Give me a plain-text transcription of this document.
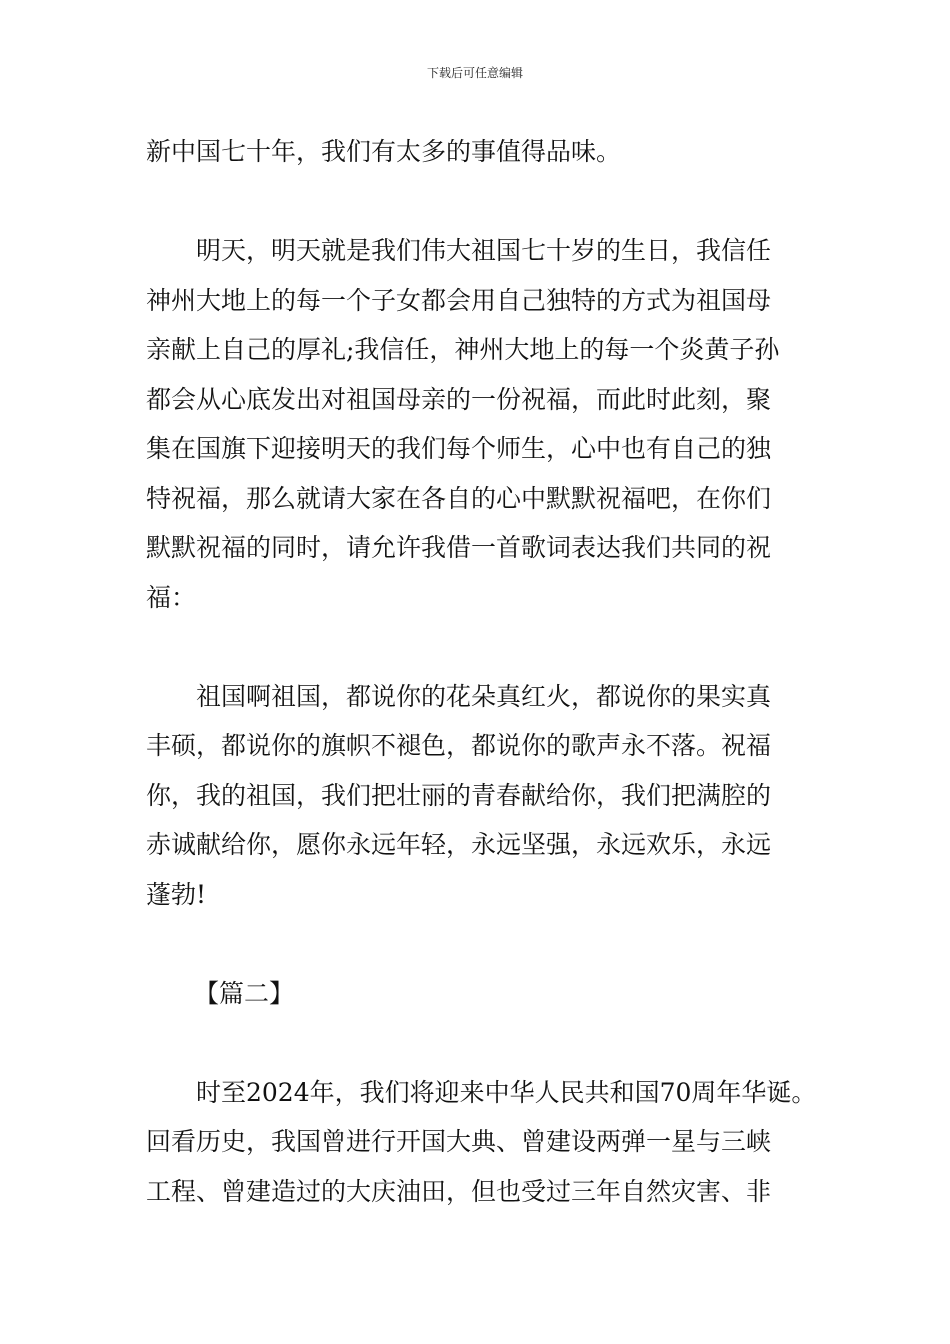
下载后可任意编辑
新中国七十年，我们有太多的事值得品味。
明天，明天就是我们伟大祖国七十岁的生日，我信任
神州大地上的每一个子女都会用自己独特的方式为祖国母
亲献上自己的厚礼;我信任，神州大地上的每一个炎黄子孙
都会从心底发出对祖国母亲的一份祝福，而此时此刻，聚
集在国旗下迎接明天的我们每个师生，心中也有自己的独
特祝福，那么就请大家在各自的心中默默祝福吧，在你们
默默祝福的同时，请允许我借一首歌词表达我们共同的祝
福：
祖国啊祖国，都说你的花朵真红火，都说你的果实真
丰硕，都说你的旗帜不褪色，都说你的歌声永不落。祝福
你，我的祖国，我们把壮丽的青春献给你，我们把满腔的
赤诚献给你，愿你永远年轻，永远坚强，永远欢乐，永远
蓬勃!
【篇二】
时至2024年，我们将迎来中华人民共和国70周年华诞。
回看历史，我国曾进行开国大典、曾建设两弹一星与三峡
工程、曾建造过的大庆油田，但也受过三年自然灾害、非
